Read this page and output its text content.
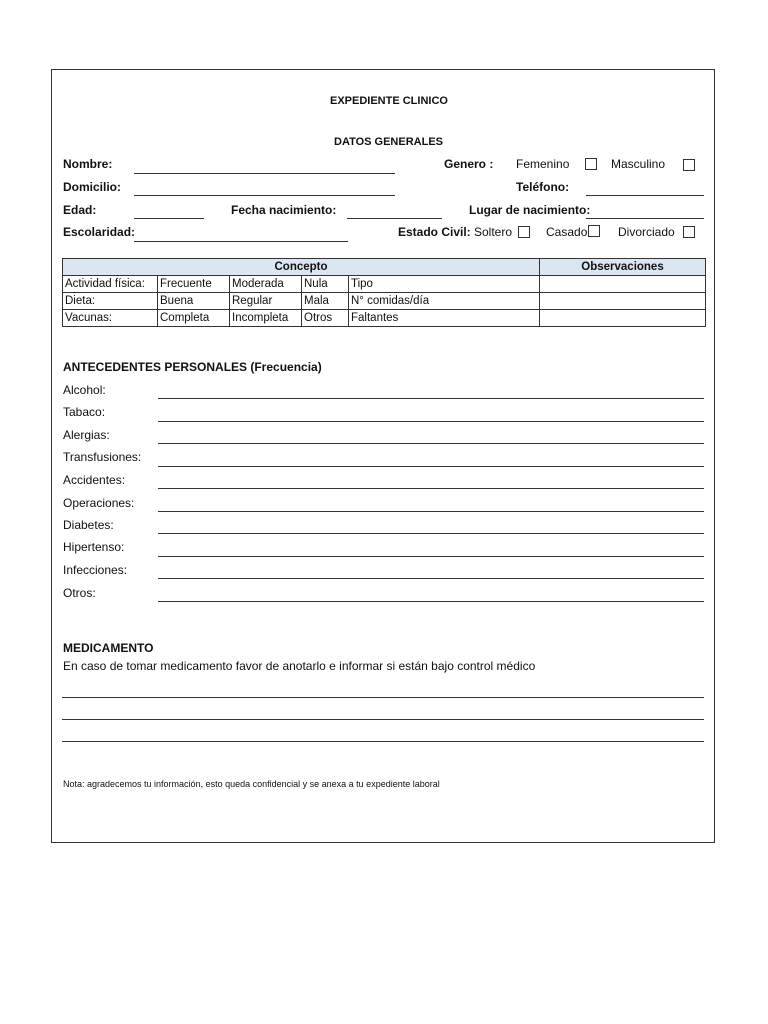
EXPEDIENTE CLINICO
DATOS GENERALES
Nombre:	Genero : Femenino	Masculino
Domicilio:	Teléfono:
Edad:	Fecha nacimiento:	Lugar de nacimiento:
Escolaridad:	Estado Civil: Soltero	Casado	Divorciado
Concepto					Observaciones
Actividad física:	Frecuente	Moderada	Nula	Tipo	
Dieta:	Buena	Regular	Mala	N° comidas/día	
Vacunas:	Completa	Incompleta	Otros	Faltantes	
ANTECEDENTES PERSONALES (Frecuencia)
Alcohol:
Tabaco:
Alergias:
Transfusiones:
Accidentes:
Operaciones:
Diabetes:
Hipertenso:
Infecciones:
Otros:
MEDICAMENTO
En caso de tomar medicamento favor de anotarlo e informar si están bajo control médico
Nota: agradecemos tu información, esto queda confidencial y se anexa a tu expediente laboral
